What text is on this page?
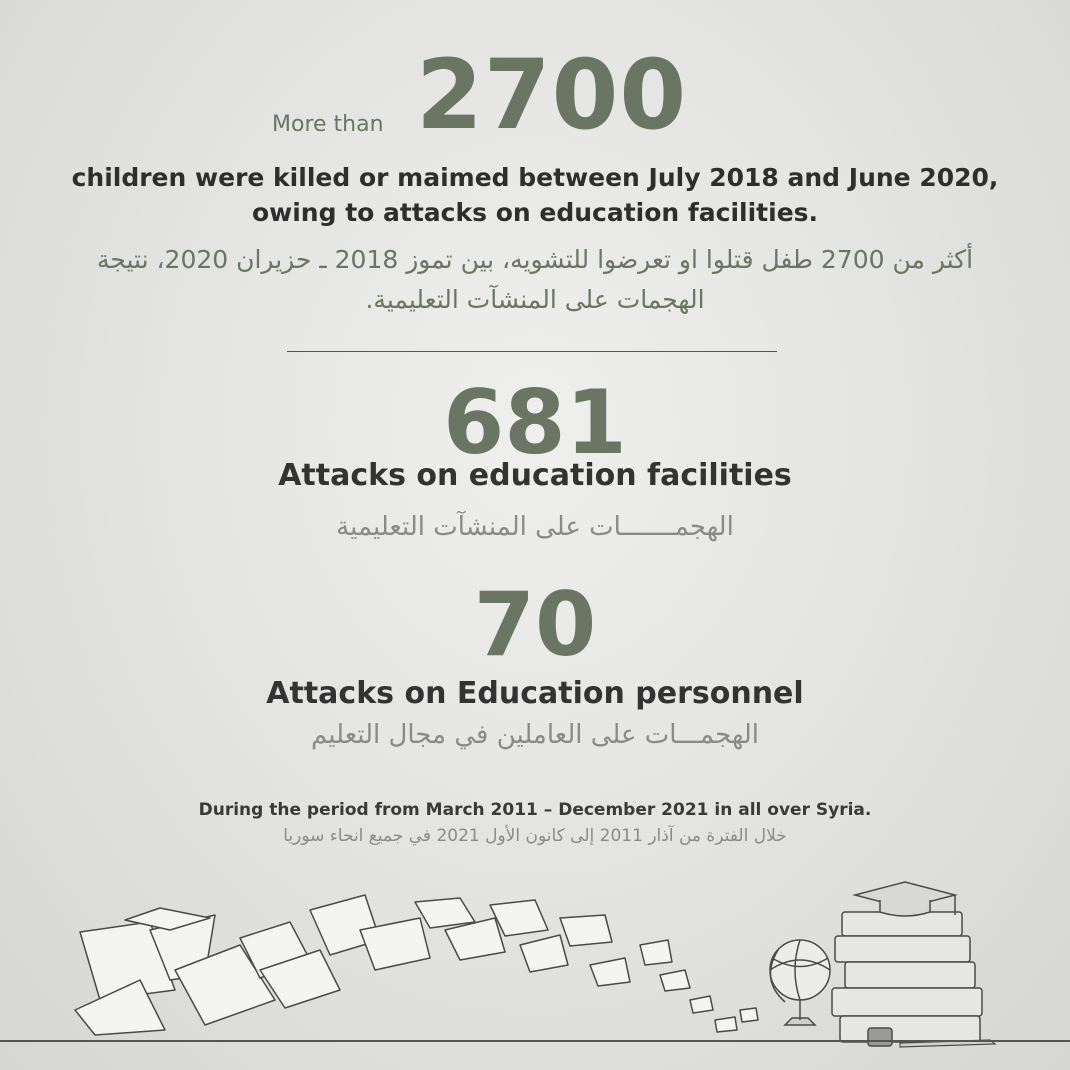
More than 2700
children were killed or maimed between July 2018 and June 2020,
owing to attacks on education facilities.
أكثر من 2700 طفل قتلوا او تعرضوا للتشويه، بين تموز 2018 ـ حزيران 2020، نتيجة
الهجمات على المنشآت التعليمية.
681
Attacks on education facilities
الهجمـــــــات على المنشآت التعليمية
70
Attacks on Education personnel
الهجمـــات على العاملين في مجال التعليم
During the period from March 2011 – December 2021 in all over Syria.
خلال الفترة من آذار 2011 إلى كانون الأول 2021 في جميع انحاء سوريا
